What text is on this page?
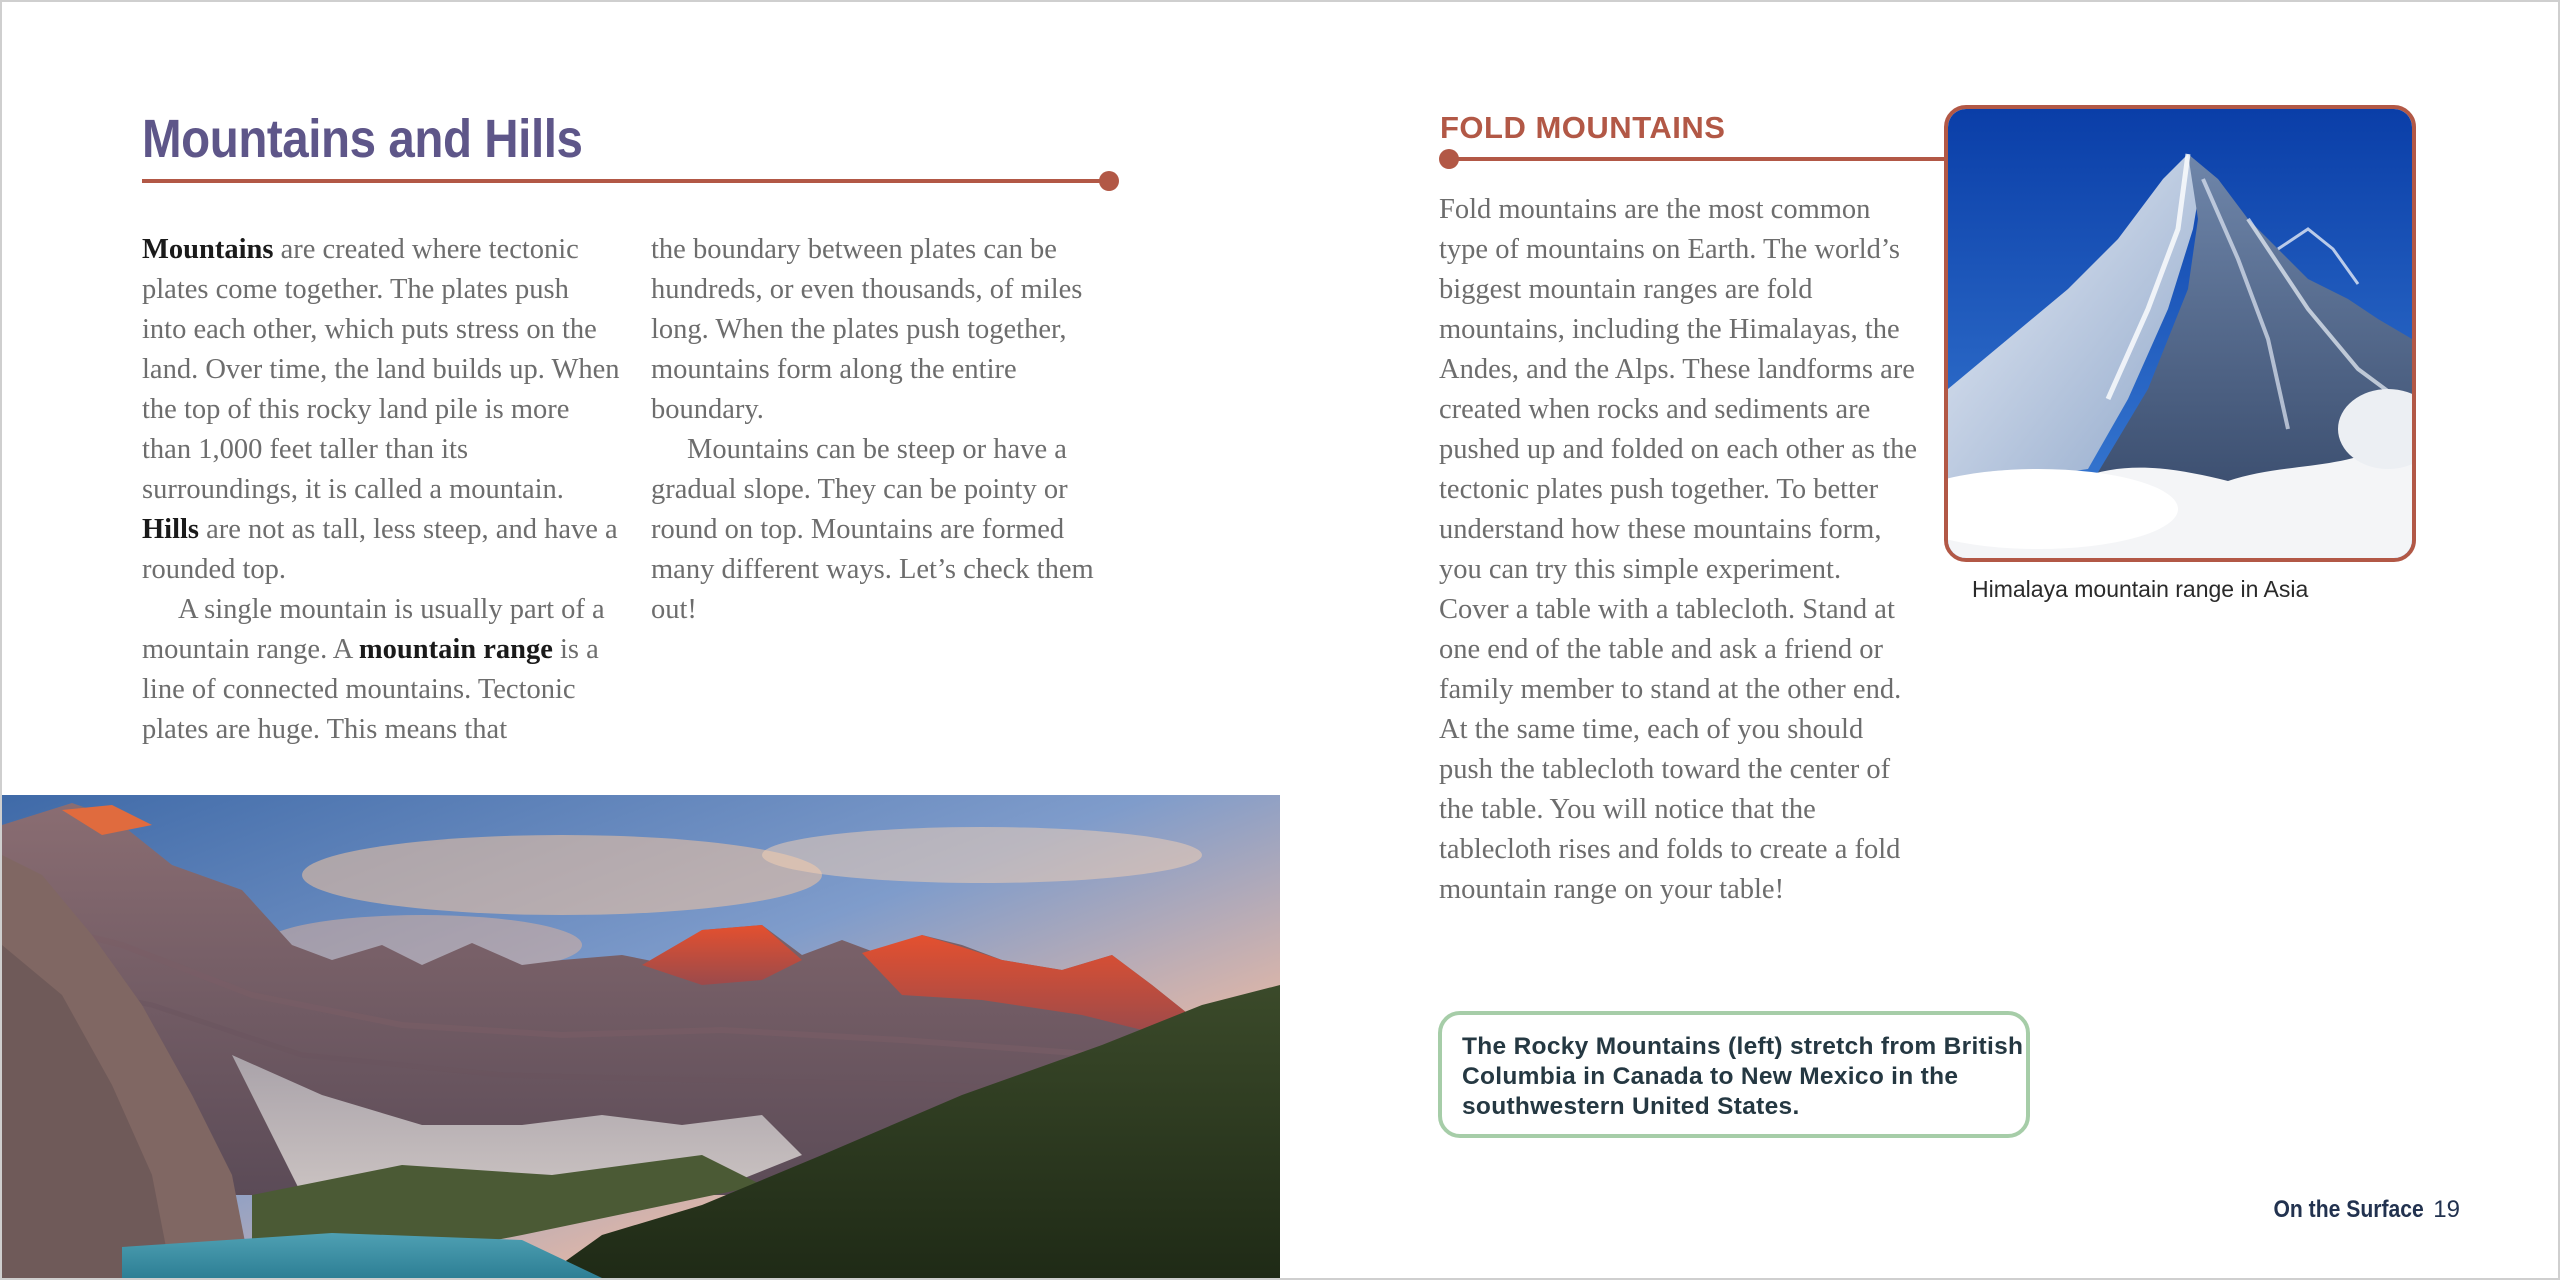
Mountains and Hills

Mountains are created where tectonic plates come together. The plates push into each other, which puts stress on the land. Over time, the land builds up. When the top of this rocky land pile is more than 1,000 feet taller than its surroundings, it is called a mountain. Hills are not as tall, less steep, and have a rounded top.

A single mountain is usually part of a mountain range. A mountain range is a line of connected mountains. Tectonic plates are huge. This means that

the boundary between plates can be hundreds, or even thousands, of miles long. When the plates push together, mountains form along the entire boundary.

Mountains can be steep or have a gradual slope. They can be pointy or round on top. Mountains are formed many different ways. Let’s check them out!

FOLD MOUNTAINS

Fold mountains are the most common type of mountains on Earth. The world’s biggest mountain ranges are fold mountains, including the Himalayas, the Andes, and the Alps. These landforms are created when rocks and sediments are pushed up and folded on each other as the tectonic plates push together. To better understand how these mountains form, you can try this simple experiment. Cover a table with a tablecloth. Stand at one end of the table and ask a friend or family member to stand at the other end. At the same time, each of you should push the tablecloth toward the center of the table. You will notice that the tablecloth rises and folds to create a fold mountain range on your table!

Himalaya mountain range in Asia
The Rocky Mountains (left) stretch from British Columbia in Canada to New Mexico in the southwestern United States.
On the Surface 19
